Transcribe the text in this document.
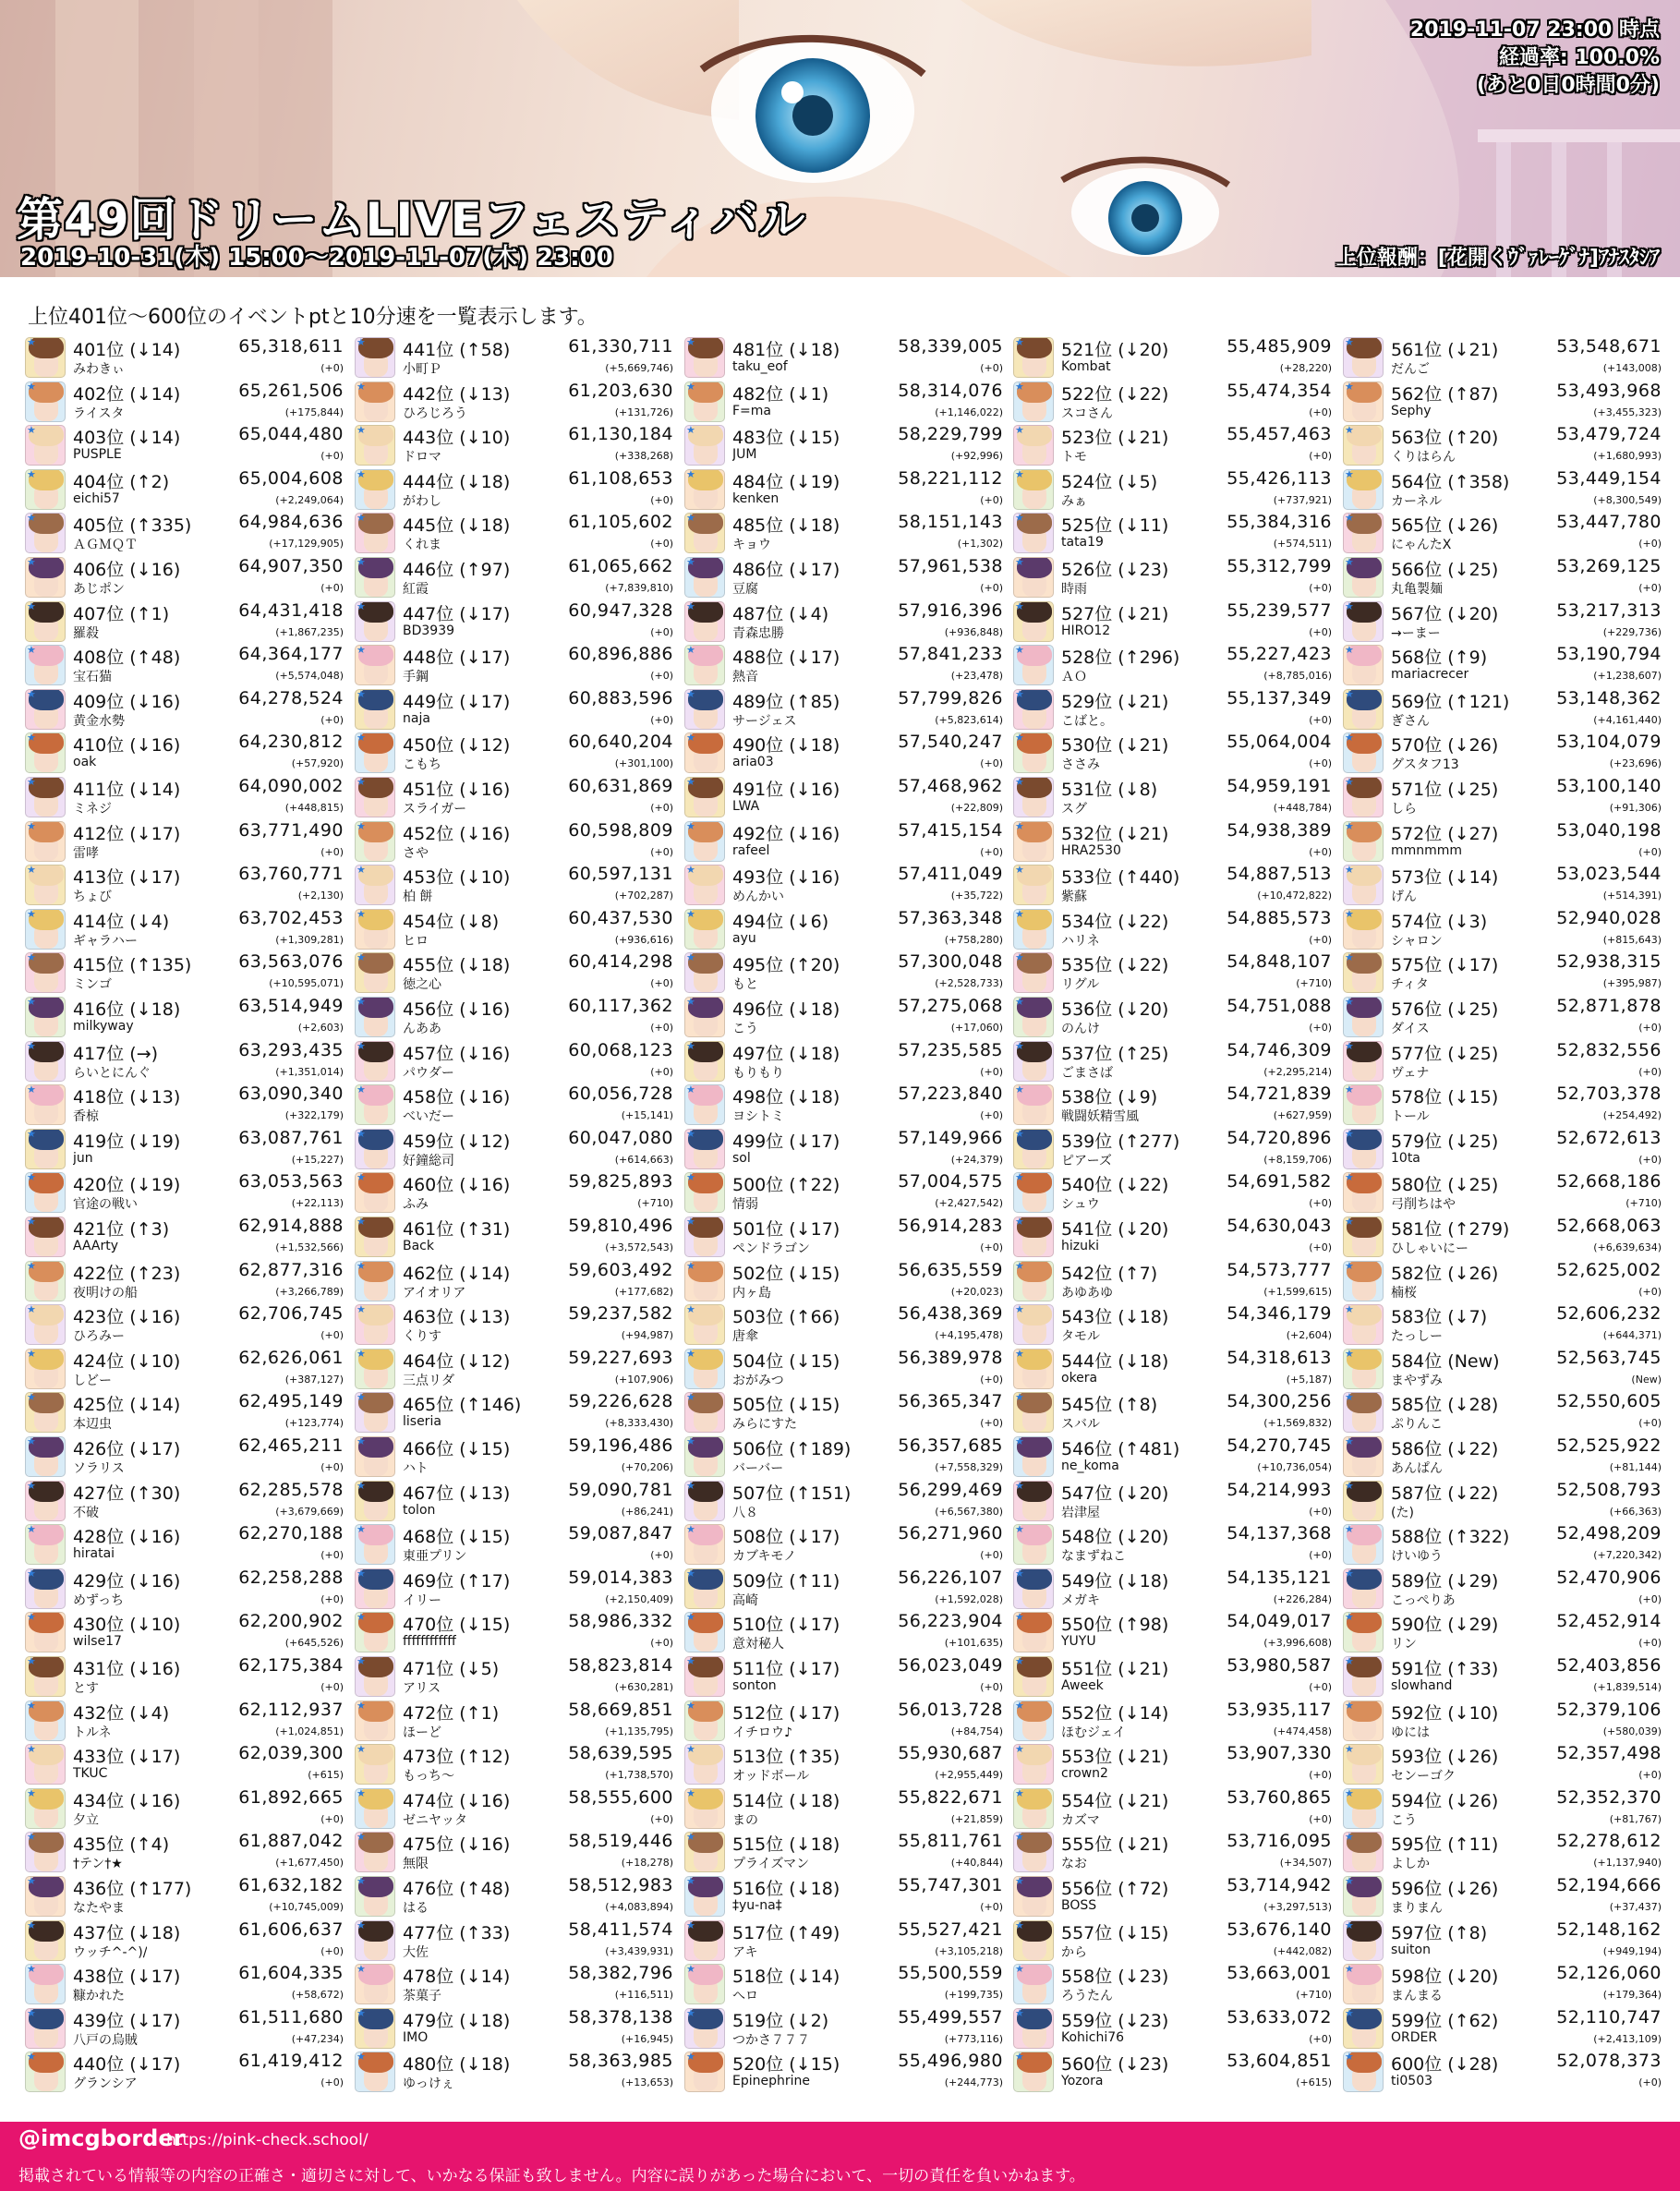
2019-11-07 23:00 時点
経過率: 100.0%
(あと0日0時間0分)
第49回ドリームLIVEフェスティバル
2019-10-31(木) 15:00～2019-11-07(木) 23:00	上位報酬：[花開くｳﾞｧﾚｰｹﾞﾅ]ｱﾅｽﾀｼｱ
上位401位～600位のイベントptと10分速を一覧表示します。
★ 401位 (↓14)	65,318,611
みわきぃ	(+0)
★ 402位 (↓14)	65,261,506
ライスタ	(+175,844)
★ 403位 (↓14)	65,044,480
PUSPLE	(+0)
★ 404位 (↑2)	65,004,608
eichi57	(+2,249,064)
★ 405位 (↑335)	64,984,636
ＡＧＭＱＴ	(+17,129,905)
★ 406位 (↓16)	64,907,350
あじポン	(+0)
★ 407位 (↑1)	64,431,418
羅殺	(+1,867,235)
★ 408位 (↑48)	64,364,177
宝石猫	(+5,574,048)
★ 409位 (↓16)	64,278,524
黄金水勢	(+0)
★ 410位 (↓16)	64,230,812
oak	(+57,920)
★ 411位 (↓14)	64,090,002
ミネジ	(+448,815)
★ 412位 (↓17)	63,771,490
雷哮	(+0)
★ 413位 (↓17)	63,760,771
ちょび	(+2,130)
★ 414位 (↓4)	63,702,453
ギャラハー	(+1,309,281)
★ 415位 (↑135)	63,563,076
ミンゴ	(+10,595,071)
★ 416位 (↓18)	63,514,949
milkyway	(+2,603)
★ 417位 (→)	63,293,435
らいとにんぐ	(+1,351,014)
★ 418位 (↓13)	63,090,340
香椋	(+322,179)
★ 419位 (↓19)	63,087,761
jun	(+15,227)
★ 420位 (↓19)	63,053,563
官途の戦い	(+22,113)
★ 421位 (↑3)	62,914,888
AAArty	(+1,532,566)
★ 422位 (↑23)	62,877,316
夜明けの船	(+3,266,789)
★ 423位 (↓16)	62,706,745
ひろみー	(+0)
★ 424位 (↓10)	62,626,061
しどー	(+387,127)
★ 425位 (↓14)	62,495,149
本辺虫	(+123,774)
★ 426位 (↓17)	62,465,211
ソラリス	(+0)
★ 427位 (↑30)	62,285,578
不破	(+3,679,669)
★ 428位 (↓16)	62,270,188
hiratai	(+0)
★ 429位 (↓16)	62,258,288
めずっち	(+0)
★ 430位 (↓10)	62,200,902
wilse17	(+645,526)
★ 431位 (↓16)	62,175,384
とす	(+0)
★ 432位 (↓4)	62,112,937
トルネ	(+1,024,851)
★ 433位 (↓17)	62,039,300
TKUC	(+615)
★ 434位 (↓16)	61,892,665
夕立	(+0)
★ 435位 (↑4)	61,887,042
†テン†★	(+1,677,450)
★ 436位 (↑177)	61,632,182
なたやま	(+10,745,009)
★ 437位 (↓18)	61,606,637
ウッチ^-^)/	(+0)
★ 438位 (↓17)	61,604,335
糠かれた	(+58,672)
★ 439位 (↓17)	61,511,680
八戸の烏賊	(+47,234)
★ 440位 (↓17)	61,419,412
グランシア	(+0)
★ 441位 (↑58)	61,330,711
小町Ｐ	(+5,669,746)
★ 442位 (↓13)	61,203,630
ひろじろう	(+131,726)
★ 443位 (↓10)	61,130,184
ドロマ	(+338,268)
★ 444位 (↓18)	61,108,653
がわし	(+0)
★ 445位 (↓18)	61,105,602
くれま	(+0)
★ 446位 (↑97)	61,065,662
紅霞	(+7,839,810)
★ 447位 (↓17)	60,947,328
BD3939	(+0)
★ 448位 (↓17)	60,896,886
手鋼	(+0)
★ 449位 (↓17)	60,883,596
naja	(+0)
★ 450位 (↓12)	60,640,204
こもち	(+301,100)
★ 451位 (↓16)	60,631,869
スライガー	(+0)
★ 452位 (↓16)	60,598,809
さや	(+0)
★ 453位 (↓10)	60,597,131
柏 餅	(+702,287)
★ 454位 (↓8)	60,437,530
ヒロ	(+936,616)
★ 455位 (↓18)	60,414,298
徳之心	(+0)
★ 456位 (↓16)	60,117,362
んああ	(+0)
★ 457位 (↓16)	60,068,123
パウダー	(+0)
★ 458位 (↓16)	60,056,728
べいだー	(+15,141)
★ 459位 (↓12)	60,047,080
好鐘総司	(+614,663)
★ 460位 (↓16)	59,825,893
ふみ	(+710)
★ 461位 (↑31)	59,810,496
Back	(+3,572,543)
★ 462位 (↓14)	59,603,492
アイオリア	(+177,682)
★ 463位 (↓13)	59,237,582
くりす	(+94,987)
★ 464位 (↓12)	59,227,693
三点リダ	(+107,906)
★ 465位 (↑146)	59,226,628
liseria	(+8,333,430)
★ 466位 (↓15)	59,196,486
ハト	(+70,206)
★ 467位 (↓13)	59,090,781
tolon	(+86,241)
★ 468位 (↓15)	59,087,847
東亜プリン	(+0)
★ 469位 (↑17)	59,014,383
イリー	(+2,150,409)
★ 470位 (↓15)	58,986,332
ffffffffffff	(+0)
★ 471位 (↓5)	58,823,814
アリス	(+630,281)
★ 472位 (↑1)	58,669,851
ほーど	(+1,135,795)
★ 473位 (↑12)	58,639,595
もっち～	(+1,738,570)
★ 474位 (↓16)	58,555,600
ゼニヤッタ	(+0)
★ 475位 (↓16)	58,519,446
無限	(+18,278)
★ 476位 (↑48)	58,512,983
はる	(+4,083,894)
★ 477位 (↑33)	58,411,574
大佐	(+3,439,931)
★ 478位 (↓14)	58,382,796
茶菓子	(+116,511)
★ 479位 (↓18)	58,378,138
IMO	(+16,945)
★ 480位 (↓18)	58,363,985
ゆっけぇ	(+13,653)
★ 481位 (↓18)	58,339,005
taku_eof	(+0)
★ 482位 (↓1)	58,314,076
F=ma	(+1,146,022)
★ 483位 (↓15)	58,229,799
JUM	(+92,996)
★ 484位 (↓19)	58,221,112
kenken	(+0)
★ 485位 (↓18)	58,151,143
キョウ	(+1,302)
★ 486位 (↓17)	57,961,538
豆腐	(+0)
★ 487位 (↓4)	57,916,396
青森忠勝	(+936,848)
★ 488位 (↓17)	57,841,233
熱音	(+23,478)
★ 489位 (↑85)	57,799,826
サージェス	(+5,823,614)
★ 490位 (↓18)	57,540,247
aria03	(+0)
★ 491位 (↓16)	57,468,962
LWA	(+22,809)
★ 492位 (↓16)	57,415,154
rafeel	(+0)
★ 493位 (↓16)	57,411,049
めんかい	(+35,722)
★ 494位 (↓6)	57,363,348
ayu	(+758,280)
★ 495位 (↑20)	57,300,048
もと	(+2,528,733)
★ 496位 (↓18)	57,275,068
こう	(+17,060)
★ 497位 (↓18)	57,235,585
もりもり	(+0)
★ 498位 (↓18)	57,223,840
ヨシトミ	(+0)
★ 499位 (↓17)	57,149,966
sol	(+24,379)
★ 500位 (↑22)	57,004,575
情弱	(+2,427,542)
★ 501位 (↓17)	56,914,283
ペンドラゴン	(+0)
★ 502位 (↓15)	56,635,559
内ヶ島	(+20,023)
★ 503位 (↑66)	56,438,369
唐傘	(+4,195,478)
★ 504位 (↓15)	56,389,978
おがみつ	(+0)
★ 505位 (↓15)	56,365,347
みらにすた	(+0)
★ 506位 (↑189)	56,357,685
バーバー	(+7,558,329)
★ 507位 (↑151)	56,299,469
八８	(+6,567,380)
★ 508位 (↓17)	56,271,960
カブキモノ	(+0)
★ 509位 (↑11)	56,226,107
高崎	(+1,592,028)
★ 510位 (↓17)	56,223,904
意対秘人	(+101,635)
★ 511位 (↓17)	56,023,049
sonton	(+0)
★ 512位 (↓17)	56,013,728
イチロウ♪	(+84,754)
★ 513位 (↑35)	55,930,687
オッドボール	(+2,955,449)
★ 514位 (↓18)	55,822,671
まの	(+21,859)
★ 515位 (↓18)	55,811,761
プライズマン	(+40,844)
★ 516位 (↓18)	55,747,301
‡yu-na‡	(+0)
★ 517位 (↑49)	55,527,421
アキ	(+3,105,218)
★ 518位 (↓14)	55,500,559
へロ	(+199,735)
★ 519位 (↓2)	55,499,557
つかさ７７７	(+773,116)
★ 520位 (↓15)	55,496,980
Epinephrine	(+244,773)
★ 521位 (↓20)	55,485,909
Kombat	(+28,220)
★ 522位 (↓22)	55,474,354
スコさん	(+0)
★ 523位 (↓21)	55,457,463
トモ	(+0)
★ 524位 (↓5)	55,426,113
みぁ	(+737,921)
★ 525位 (↓11)	55,384,316
tata19	(+574,511)
★ 526位 (↓23)	55,312,799
時雨	(+0)
★ 527位 (↓21)	55,239,577
HIRO12	(+0)
★ 528位 (↑296)	55,227,423
ＡＯ	(+8,785,016)
★ 529位 (↓21)	55,137,349
こばと。	(+0)
★ 530位 (↓21)	55,064,004
ささみ	(+0)
★ 531位 (↓8)	54,959,191
スグ	(+448,784)
★ 532位 (↓21)	54,938,389
HRA2530	(+0)
★ 533位 (↑440)	54,887,513
紫蘇	(+10,472,822)
★ 534位 (↓22)	54,885,573
ハリネ	(+0)
★ 535位 (↓22)	54,848,107
リグル	(+710)
★ 536位 (↓20)	54,751,088
のんけ	(+0)
★ 537位 (↑25)	54,746,309
ごまさば	(+2,295,214)
★ 538位 (↓9)	54,721,839
戦闘妖精雪風	(+627,959)
★ 539位 (↑277)	54,720,896
ピアーズ	(+8,159,706)
★ 540位 (↓22)	54,691,582
シュウ	(+0)
★ 541位 (↓20)	54,630,043
hizuki	(+0)
★ 542位 (↑7)	54,573,777
あゆあゆ	(+1,599,615)
★ 543位 (↓18)	54,346,179
タモル	(+2,604)
★ 544位 (↓18)	54,318,613
okera	(+5,187)
★ 545位 (↑8)	54,300,256
スバル	(+1,569,832)
★ 546位 (↑481)	54,270,745
ne_koma	(+10,736,054)
★ 547位 (↓20)	54,214,993
岩津屋	(+0)
★ 548位 (↓20)	54,137,368
なまずねこ	(+0)
★ 549位 (↓18)	54,135,121
メガキ	(+226,284)
★ 550位 (↑98)	54,049,017
YUYU	(+3,996,608)
★ 551位 (↓21)	53,980,587
Aweek	(+0)
★ 552位 (↓14)	53,935,117
ほむジェイ	(+474,458)
★ 553位 (↓21)	53,907,330
crown2	(+0)
★ 554位 (↓21)	53,760,865
カズマ	(+0)
★ 555位 (↓21)	53,716,095
なお	(+34,507)
★ 556位 (↑72)	53,714,942
BOSS	(+3,297,513)
★ 557位 (↓15)	53,676,140
から	(+442,082)
★ 558位 (↓23)	53,663,001
ろうたん	(+710)
★ 559位 (↓23)	53,633,072
Kohichi76	(+0)
★ 560位 (↓23)	53,604,851
Yozora	(+615)
★ 561位 (↓21)	53,548,671
だんご	(+143,008)
★ 562位 (↑87)	53,493,968
Sephy	(+3,455,323)
★ 563位 (↑20)	53,479,724
くりはらん	(+1,680,993)
★ 564位 (↑358)	53,449,154
カーネル	(+8,300,549)
★ 565位 (↓26)	53,447,780
にゃんたX	(+0)
★ 566位 (↓25)	53,269,125
丸亀製麺	(+0)
★ 567位 (↓20)	53,217,313
→ーまー	(+229,736)
★ 568位 (↑9)	53,190,794
mariacrecer	(+1,238,607)
★ 569位 (↑121)	53,148,362
ぎさん	(+4,161,440)
★ 570位 (↓26)	53,104,079
グスタフ13	(+23,696)
★ 571位 (↓25)	53,100,140
しら	(+91,306)
★ 572位 (↓27)	53,040,198
mmnmmm	(+0)
★ 573位 (↓14)	53,023,544
げん	(+514,391)
★ 574位 (↓3)	52,940,028
シャロン	(+815,643)
★ 575位 (↓17)	52,938,315
チィタ	(+395,987)
★ 576位 (↓25)	52,871,878
ダイス	(+0)
★ 577位 (↓25)	52,832,556
ヴェナ	(+0)
★ 578位 (↓15)	52,703,378
トール	(+254,492)
★ 579位 (↓25)	52,672,613
10ta	(+0)
★ 580位 (↓25)	52,668,186
弓削ちはや	(+710)
★ 581位 (↑279)	52,668,063
ひしゃいにー	(+6,639,634)
★ 582位 (↓26)	52,625,002
楠桜	(+0)
★ 583位 (↓7)	52,606,232
たっしー	(+644,371)
★ 584位 (New)	52,563,745
まやずみ	(New)
★ 585位 (↓28)	52,550,605
ぷりんこ	(+0)
★ 586位 (↓22)	52,525,922
あんぱん	(+81,144)
★ 587位 (↓22)	52,508,793
(た)	(+66,363)
★ 588位 (↑322)	52,498,209
けいゆう	(+7,220,342)
★ 589位 (↓29)	52,470,906
こっぺりあ	(+0)
★ 590位 (↓29)	52,452,914
リン	(+0)
★ 591位 (↑33)	52,403,856
slowhand	(+1,839,514)
★ 592位 (↓10)	52,379,106
ゆには	(+580,039)
★ 593位 (↓26)	52,357,498
センーゴク	(+0)
★ 594位 (↓26)	52,352,370
こう	(+81,767)
★ 595位 (↑11)	52,278,612
よしか	(+1,137,940)
★ 596位 (↓26)	52,194,666
まりまん	(+37,437)
★ 597位 (↑8)	52,148,162
suiton	(+949,194)
★ 598位 (↓20)	52,126,060
まんまる	(+179,364)
★ 599位 (↑62)	52,110,747
ORDER	(+2,413,109)
★ 600位 (↓28)	52,078,373
ti0503	(+0)
@imcgborder
https://pink-check.school/
掲載されている情報等の内容の正確さ・適切さに対して、いかなる保証も致しません。内容に誤りがあった場合において、一切の責任を負いかねます。
